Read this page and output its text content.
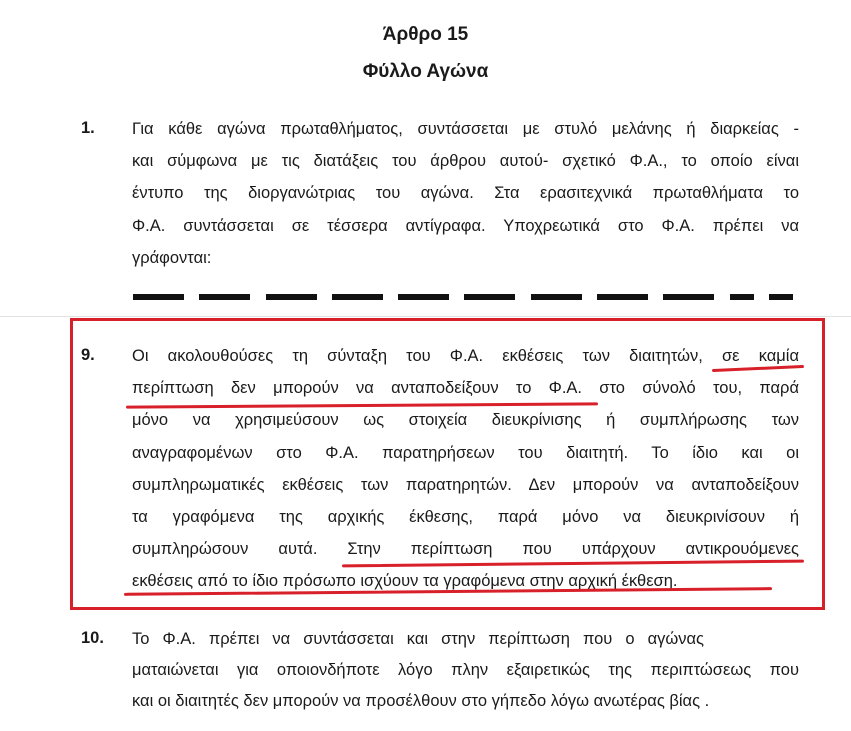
Άρθρο 15
Φύλλο Αγώνα
1. Για κάθε αγώνα πρωταθλήματος, συντάσσεται με στυλό μελάνης ή διαρκείας -
και σύμφωνα με τις διατάξεις του άρθρου αυτού- σχετικό Φ.Α., το οποίο είναι
έντυπο της διοργανώτριας του αγώνα. Στα ερασιτεχνικά πρωταθλήματα το
Φ.Α. συντάσσεται σε τέσσερα αντίγραφα. Υποχρεωτικά στο Φ.Α. πρέπει να
γράφονται:
9. Οι ακολουθούσες τη σύνταξη του Φ.Α. εκθέσεις των διαιτητών, σε καμία
περίπτωση δεν μπορούν να ανταποδείξουν το Φ.Α. στο σύνολό του, παρά
μόνο να χρησιμεύσουν ως στοιχεία διευκρίνισης ή συμπλήρωσης των
αναγραφομένων στο Φ.Α. παρατηρήσεων του διαιτητή. Το ίδιο και οι
συμπληρωματικές εκθέσεις των παρατηρητών. Δεν μπορούν να ανταποδείξουν
τα γραφόμενα της αρχικής έκθεσης, παρά μόνο να διευκρινίσουν ή
συμπληρώσουν αυτά. Στην περίπτωση που υπάρχουν αντικρουόμενες
εκθέσεις από το ίδιο πρόσωπο ισχύουν τα γραφόμενα στην αρχική έκθεση.
10. Το Φ.Α. πρέπει να συντάσσεται και στην περίπτωση που ο αγώνας
ματαιώνεται για οποιονδήποτε λόγο πλην εξαιρετικώς της περιπτώσεως που
και οι διαιτητές δεν μπορούν να προσέλθουν στο γήπεδο λόγω ανωτέρας βίας .
